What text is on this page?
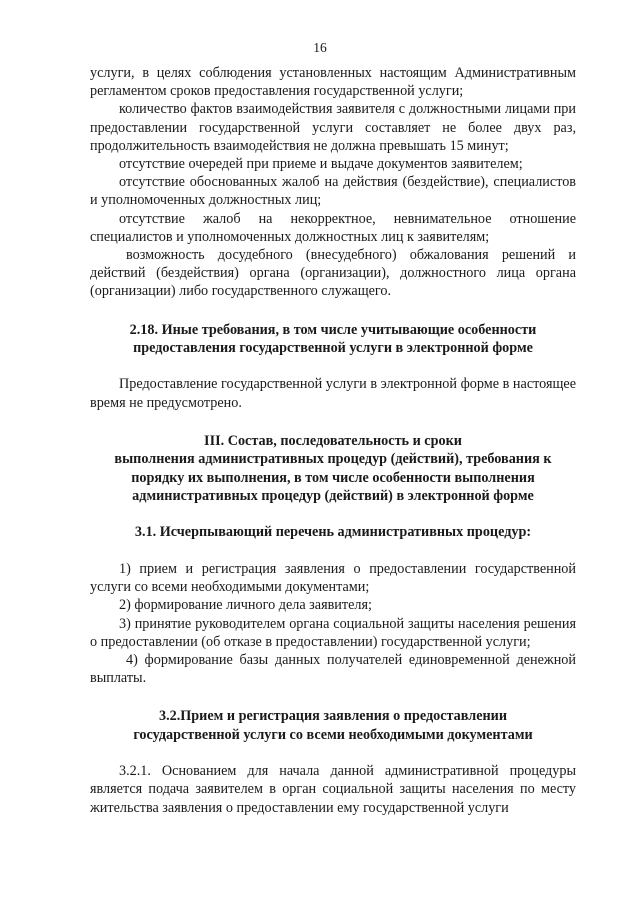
16

услуги, в целях соблюдения установленных настоящим Административным регламентом сроков предоставления государственной услуги;

количество фактов взаимодействия заявителя с должностными лицами при предоставлении государственной услуги составляет не более двух раз, продолжительность взаимодействия не должна превышать 15 минут;

отсутствие очередей при приеме и выдаче документов заявителем;

отсутствие обоснованных жалоб на действия (бездействие), специалистов и уполномоченных должностных лиц;

отсутствие жалоб на некорректное, невнимательное отношение специалистов и уполномоченных должностных лиц к заявителям;

возможность досудебного (внесудебного) обжалования решений и действий (бездействия) органа (организации), должностного лица органа (организации) либо государственного служащего.

2.18. Иные требования, в том числе учитывающие особенности
предоставления государственной услуги в электронной форме

Предоставление государственной услуги в электронной форме в настоящее время не предусмотрено.

III. Состав, последовательность и сроки
выполнения административных процедур (действий), требования к
порядку их выполнения, в том числе особенности выполнения
административных процедур (действий) в электронной форме
3.1. Исчерпывающий перечень административных процедур:

1) прием и регистрация заявления о предоставлении государственной услуги со всеми необходимыми документами;

2) формирование личного дела заявителя;

3) принятие руководителем органа социальной защиты населения решения о предоставлении (об отказе в предоставлении) государственной услуги;

4) формирование базы данных получателей единовременной денежной выплаты.

3.2.Прием и регистрация заявления о предоставлении
государственной услуги со всеми необходимыми документами

3.2.1. Основанием для начала данной административной процедуры является подача заявителем в орган социальной защиты населения по месту жительства заявления о предоставлении ему государственной услуги
